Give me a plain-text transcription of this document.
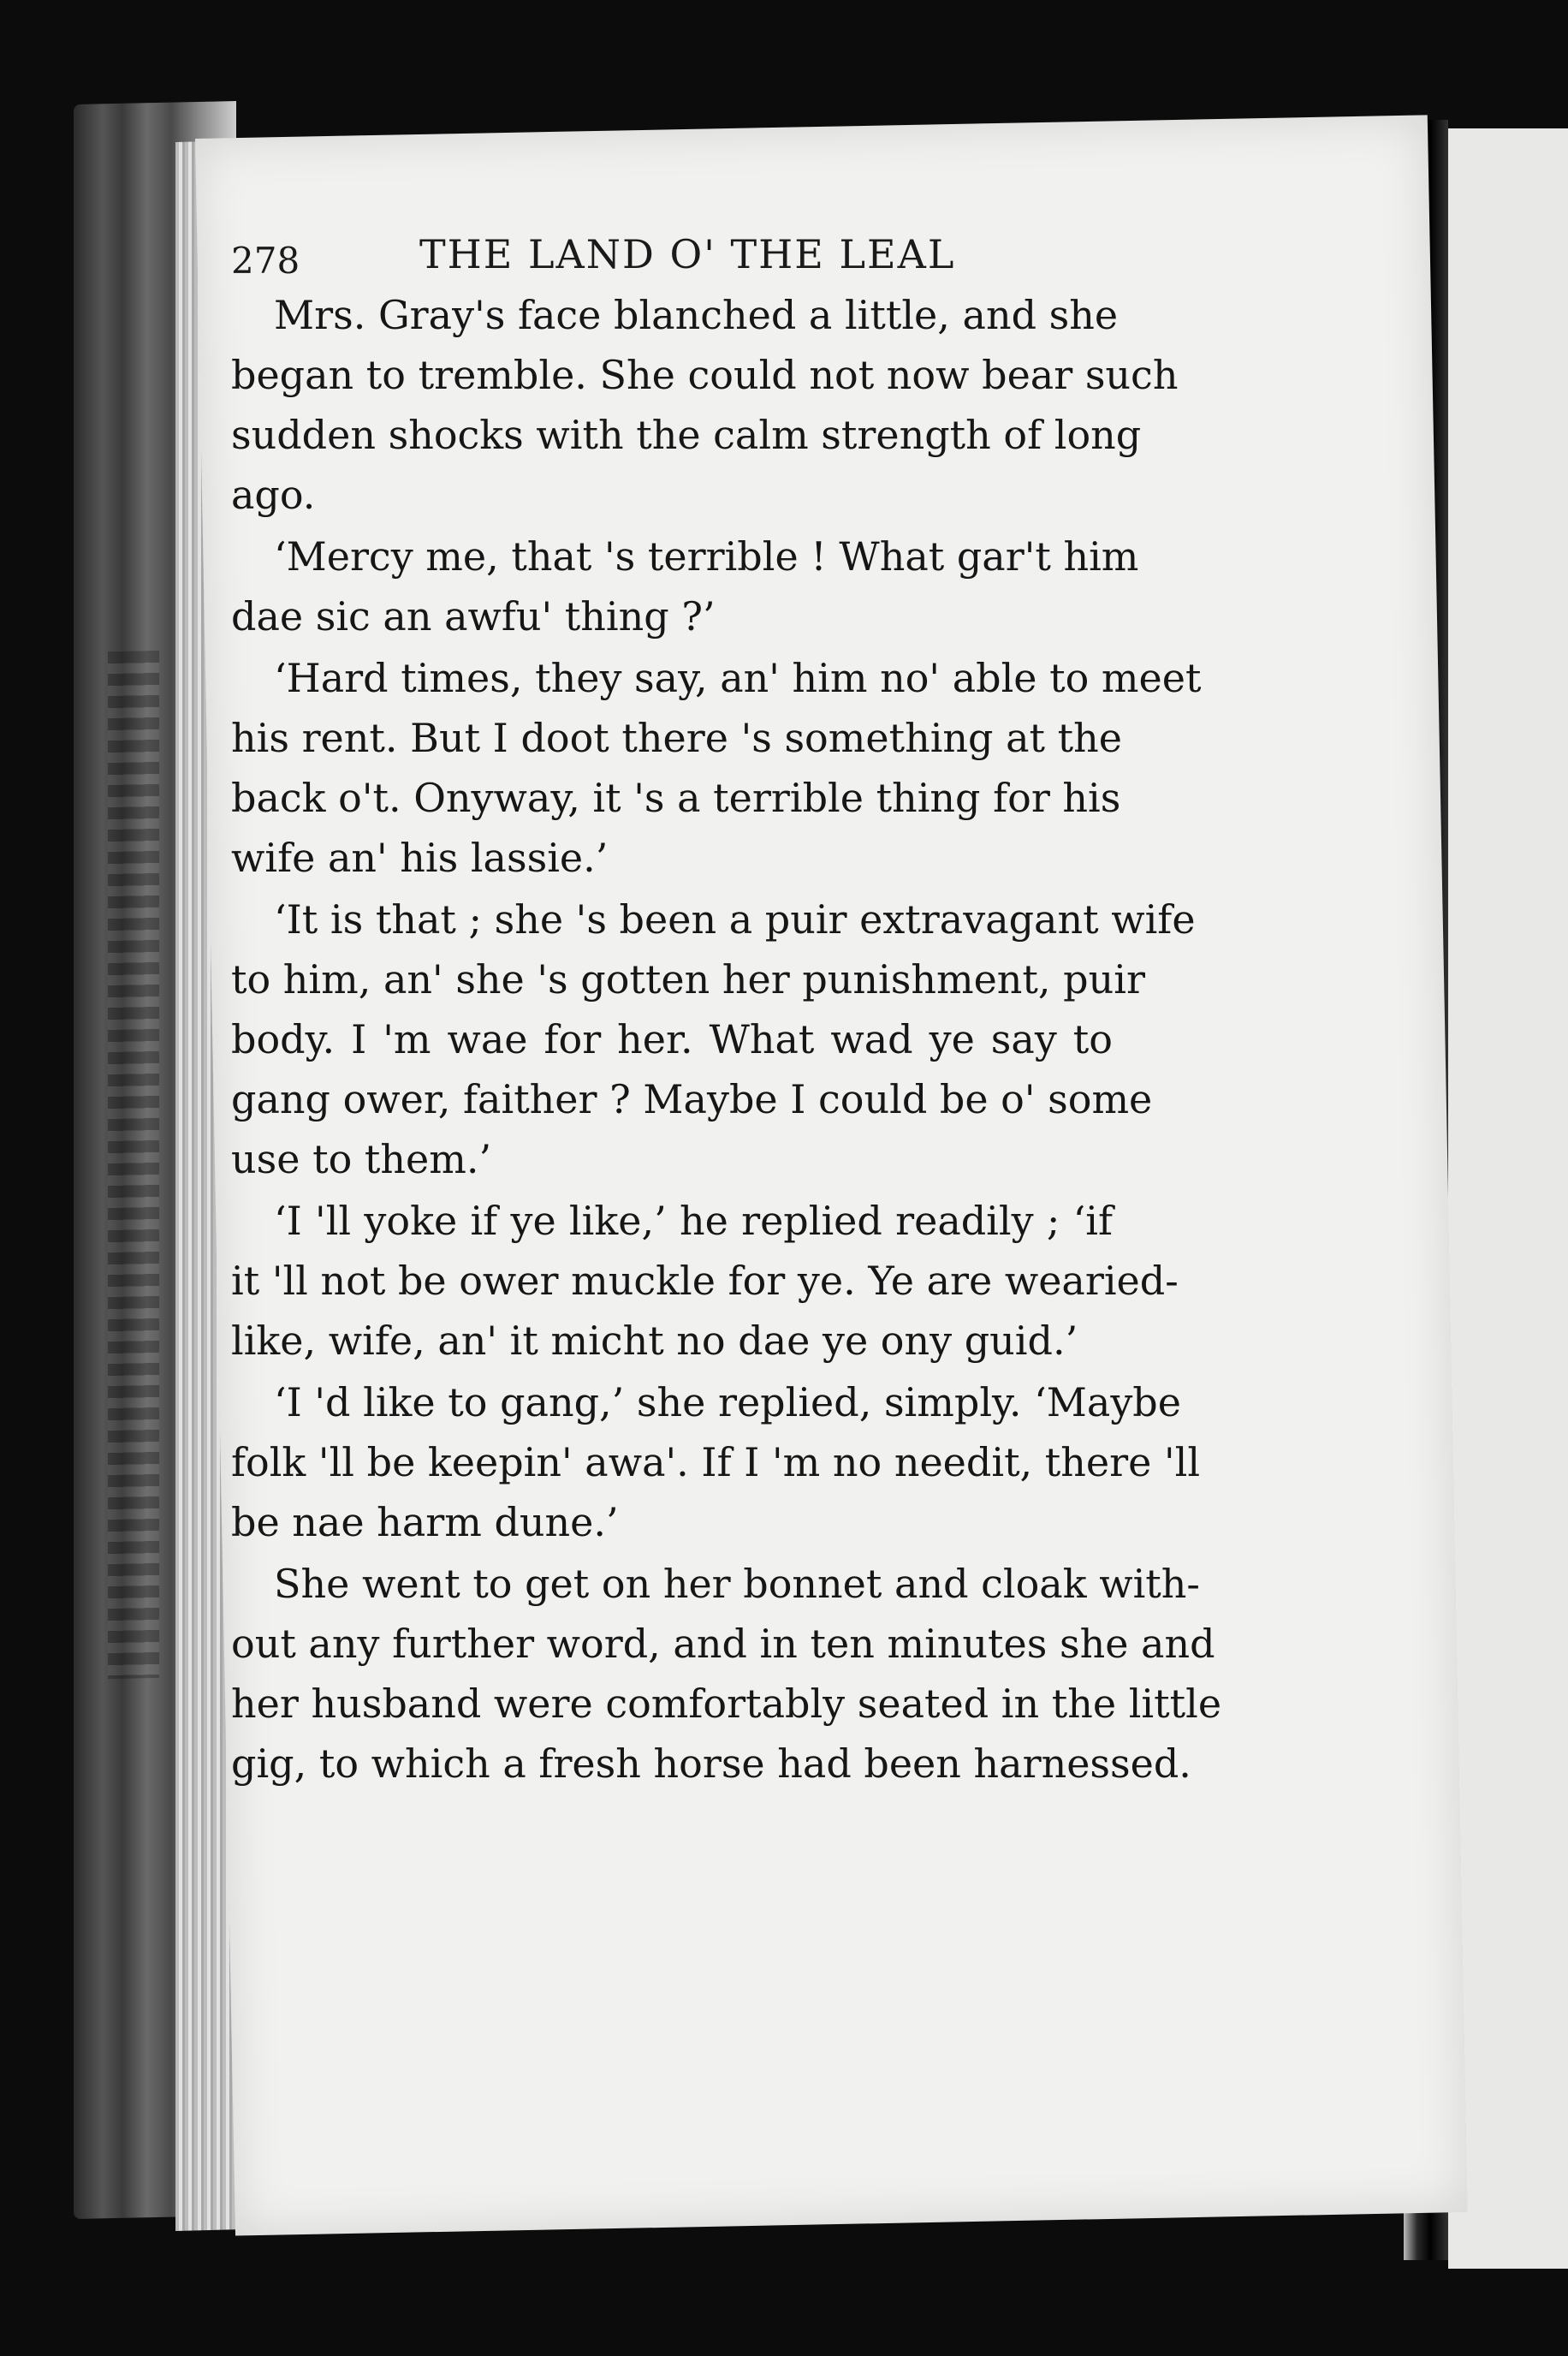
278	THE LAND O' THE LEAL
Mrs. Gray's face blanched a little, and she
began to tremble. She could not now bear such
sudden shocks with the calm strength of long
ago.
‘Mercy me, that 's terrible ! What gar't him
dae sic an awfu' thing ?’
‘Hard times, they say, an' him no' able to meet
his rent. But I doot there 's something at the
back o't. Onyway, it 's a terrible thing for his
wife an' his lassie.’
‘It is that ; she 's been a puir extravagant wife
to him, an' she 's gotten her punishment, puir
body. I 'm wae for her. What wad ye say to
gang ower, faither ? Maybe I could be o' some
use to them.’
‘I 'll yoke if ye like,’ he replied readily ; ‘if
it 'll not be ower muckle for ye. Ye are wearied-
like, wife, an' it micht no dae ye ony guid.’
‘I 'd like to gang,’ she replied, simply. ‘Maybe
folk 'll be keepin' awa'. If I 'm no needit, there 'll
be nae harm dune.’
She went to get on her bonnet and cloak with-
out any further word, and in ten minutes she and
her husband were comfortably seated in the little
gig, to which a fresh horse had been harnessed.
